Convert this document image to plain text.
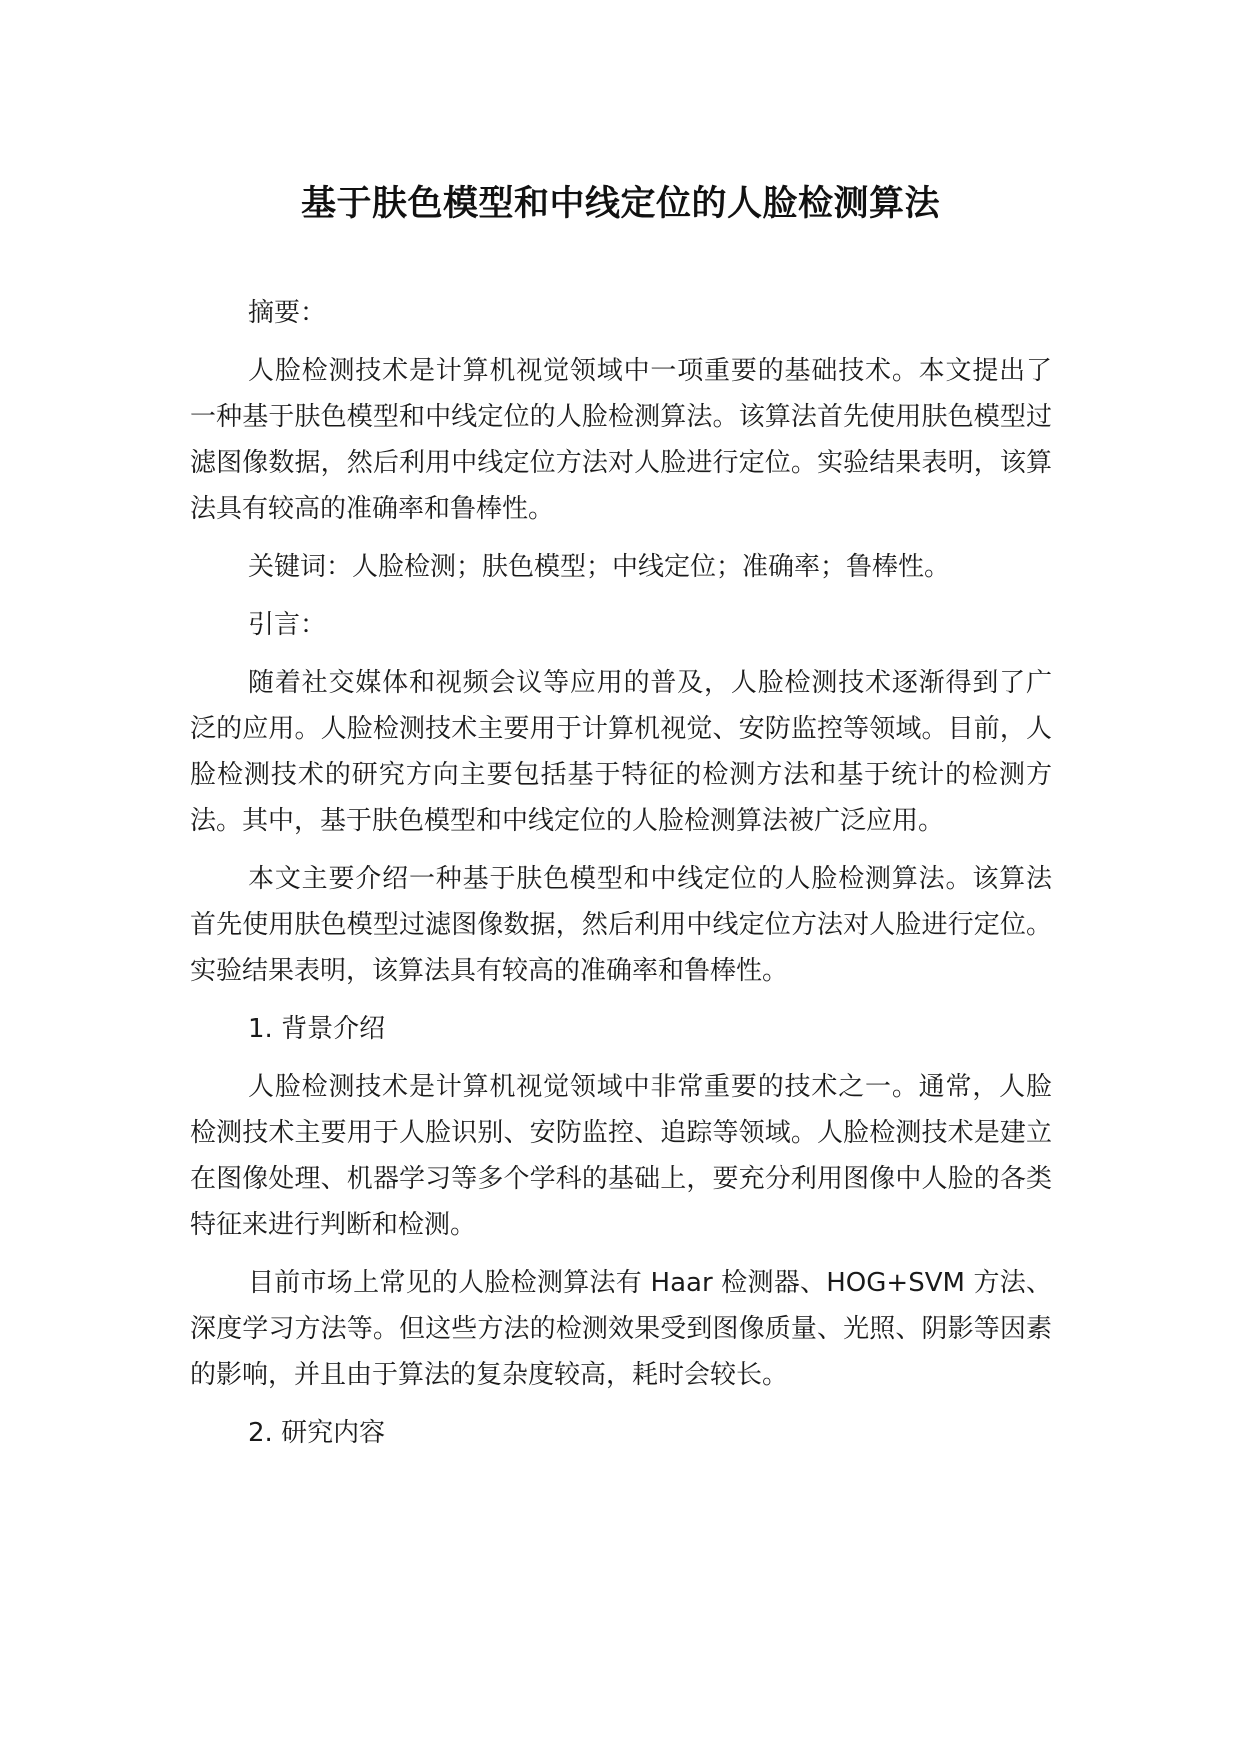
基于肤色模型和中线定位的人脸检测算法

摘要：

人脸检测技术是计算机视觉领域中一项重要的基础技术。本文提出了一种基于肤色模型和中线定位的人脸检测算法。该算法首先使用肤色模型过滤图像数据，然后利用中线定位方法对人脸进行定位。实验结果表明，该算法具有较高的准确率和鲁棒性。

关键词：人脸检测；肤色模型；中线定位；准确率；鲁棒性。

引言：

随着社交媒体和视频会议等应用的普及，人脸检测技术逐渐得到了广泛的应用。人脸检测技术主要用于计算机视觉、安防监控等领域。目前，人脸检测技术的研究方向主要包括基于特征的检测方法和基于统计的检测方法。其中，基于肤色模型和中线定位的人脸检测算法被广泛应用。

本文主要介绍一种基于肤色模型和中线定位的人脸检测算法。该算法首先使用肤色模型过滤图像数据，然后利用中线定位方法对人脸进行定位。实验结果表明，该算法具有较高的准确率和鲁棒性。

1. 背景介绍

人脸检测技术是计算机视觉领域中非常重要的技术之一。通常，人脸检测技术主要用于人脸识别、安防监控、追踪等领域。人脸检测技术是建立在图像处理、机器学习等多个学科的基础上，要充分利用图像中人脸的各类特征来进行判断和检测。

目前市场上常见的人脸检测算法有 Haar 检测器、HOG+SVM 方法、深度学习方法等。但这些方法的检测效果受到图像质量、光照、阴影等因素的影响，并且由于算法的复杂度较高，耗时会较长。

2. 研究内容
